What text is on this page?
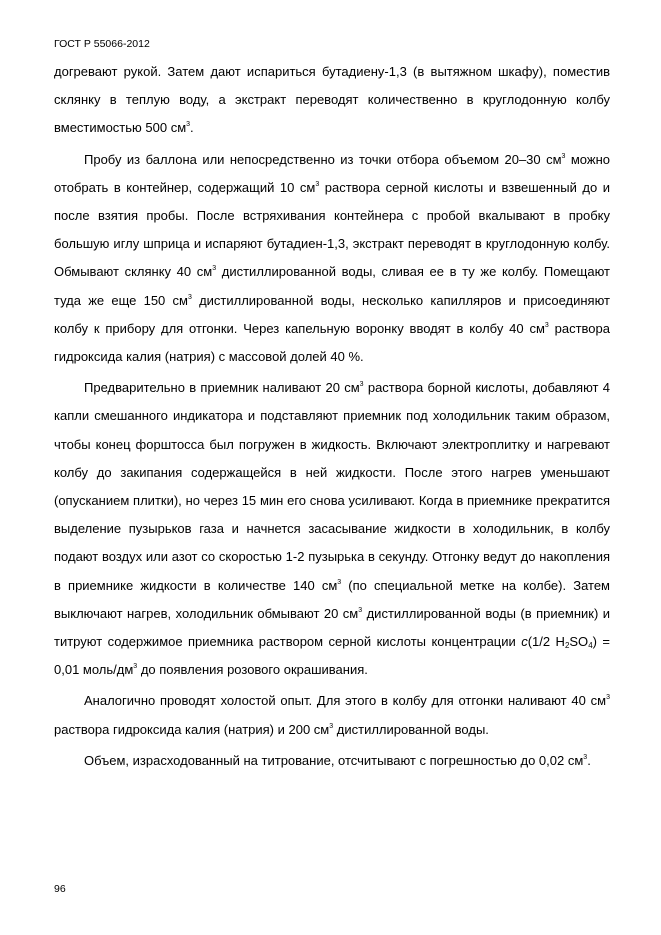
ГОСТ Р 55066-2012

догревают рукой. Затем дают испариться бутадиену-1,3 (в вытяжном шкафу), поместив склянку в теплую воду, а экстракт переводят количественно в круглодонную колбу вместимостью 500 $см^3$.

Пробу из баллона или непосредственно из точки отбора объемом 20–30 $см^3$ можно отобрать в контейнер, содержащий 10 $см^3$ раствора серной кислоты и взвешенный до и после взятия пробы. После встряхивания контейнера с пробой вкалывают в пробку большую иглу шприца и испаряют бутадиен-1,3, экстракт переводят в круглодонную колбу. Обмывают склянку 40 $см^3$ дистиллированной воды, сливая ее в ту же колбу. Помещают туда же еще 150 $см^3$ дистиллированной воды, несколько капилляров и присоединяют колбу к прибору для отгонки. Через капельную воронку вводят в колбу 40 $см^3$ раствора гидроксида калия (натрия) с массовой долей 40 %.

Предварительно в приемник наливают 20 $см^3$ раствора борной кислоты, добавляют 4 капли смешанного индикатора и подставляют приемник под холодильник таким образом, чтобы конец форштосса был погружен в жидкость. Включают электроплитку и нагревают колбу до закипания содержащейся в ней жидкости. После этого нагрев уменьшают (опусканием плитки), но через 15 мин его снова усиливают. Когда в приемнике прекратится выделение пузырьков газа и начнется засасывание жидкости в холодильник, в колбу подают воздух или азот со скоростью 1-2 пузырька в секунду. Отгонку ведут до накопления в приемнике жидкости в количестве 140 $см^3$ (по специальной метке на колбе). Затем выключают нагрев, холодильник обмывают 20 $см^3$ дистиллированной воды (в приемник) и титруют содержимое приемника раствором серной кислоты концентрации с(1/2 $H_2SO_4) = 0,01$ моль/$дм^3$ до появления розового окрашивания.

Аналогично проводят холостой опыт. Для этого в колбу для отгонки наливают 40 $см^3$ раствора гидроксида калия (натрия) и 200 $см^3$ дистиллированной воды.

Объем, израсходованный на титрование, отсчитывают с погрешностью до 0,02 $см^3$.

96
